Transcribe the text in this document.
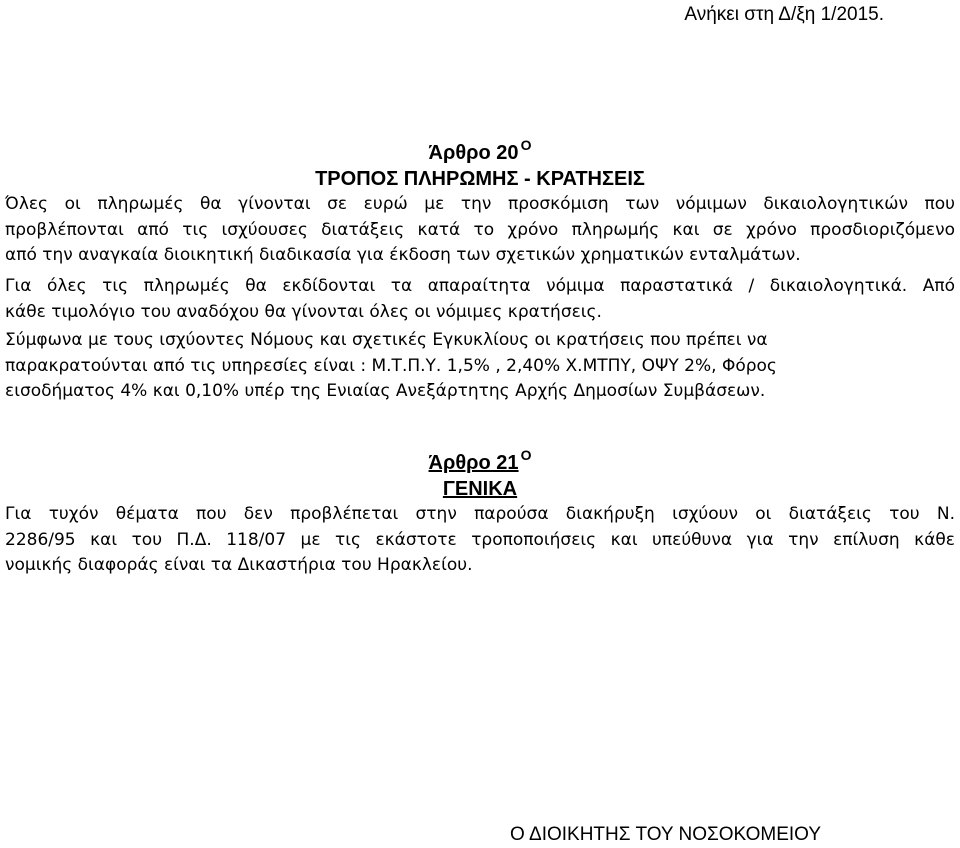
Ανήκει στη Δ/ξη 1/2015.
Άρθρο 20 $^O$
ΤΡΟΠΟΣ ΠΛΗΡΩΜΗΣ - ΚΡΑΤΗΣΕΙΣ
Όλες οι πληρωμές θα γίνονται σε ευρώ με την προσκόμιση των νόμιμων δικαιολογητικών που
προβλέπονται από τις ισχύουσες διατάξεις κατά το χρόνο πληρωμής και σε χρόνο προσδιοριζόμενο
από την αναγκαία διοικητική διαδικασία για έκδοση των σχετικών χρηματικών ενταλμάτων.
Για όλες τις πληρωμές θα εκδίδονται τα απαραίτητα νόμιμα παραστατικά / δικαιολογητικά. Από
κάθε τιμολόγιο του αναδόχου θα γίνονται όλες οι νόμιμες κρατήσεις.
Σύμφωνα με τους ισχύοντες Νόμους και σχετικές Εγκυκλίους οι κρατήσεις που πρέπει να
παρακρατούνται από τις υπηρεσίες είναι : Μ.Τ.Π.Υ. 1,5% , 2,40% Χ.ΜΤΠΥ, ΟΨΥ 2%, Φόρος
εισοδήματος 4% και 0,10% υπέρ της Ενιαίας Ανεξάρτητης Αρχής Δημοσίων Συμβάσεων.
Άρθρο 21 $^O$
ΓΕΝΙΚΑ
Για τυχόν θέματα που δεν προβλέπεται στην παρούσα διακήρυξη ισχύουν οι διατάξεις του Ν.
2286/95 και του Π.Δ. 118/07 με τις εκάστοτε τροποποιήσεις και υπεύθυνα για την επίλυση κάθε
νομικής διαφοράς είναι τα Δικαστήρια του Ηρακλείου.
Ο ΔΙΟΙΚΗΤΗΣ ΤΟΥ ΝΟΣΟΚΟΜΕΙΟΥ
